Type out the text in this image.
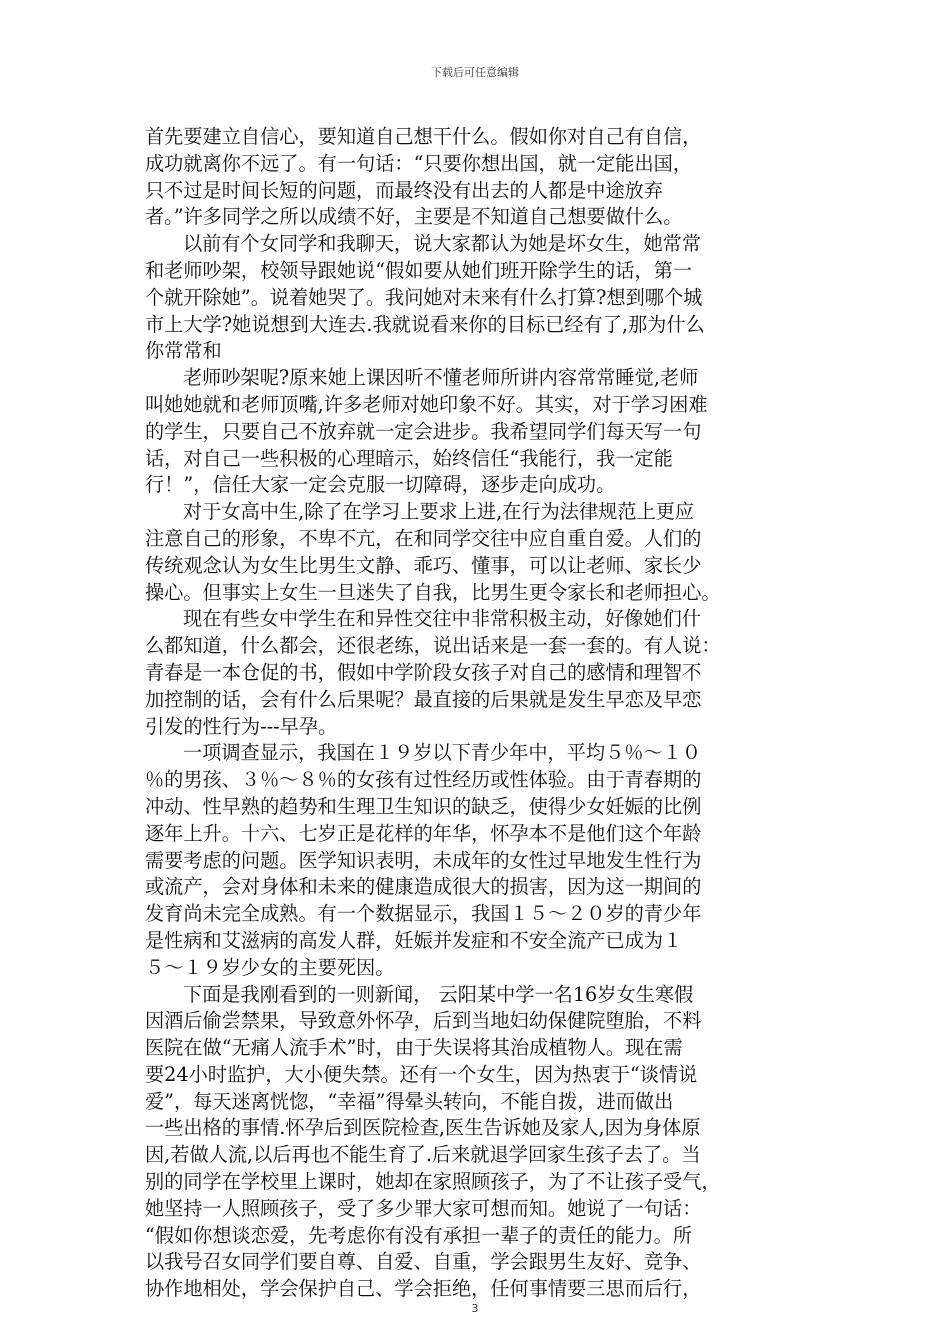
下载后可任意编辑
首先要建立自信心，要知道自己想干什么。假如你对自己有自信，
成功就离你不远了。有一句话：“只要你想出国，就一定能出国，
只不过是时间长短的问题，而最终没有出去的人都是中途放弃
者。”许多同学之所以成绩不好，主要是不知道自己想要做什么。
以前有个女同学和我聊天，说大家都认为她是坏女生，她常常
和老师吵架，校领导跟她说“假如要从她们班开除学生的话，第一
个就开除她”。说着她哭了。我问她对未来有什么打算?想到哪个城
市上大学?她说想到大连去.我就说看来你的目标已经有了,那为什么
你常常和
老师吵架呢?原来她上课因听不懂老师所讲内容常常睡觉,老师
叫她她就和老师顶嘴,许多老师对她印象不好。其实，对于学习困难
的学生，只要自己不放弃就一定会进步。我希望同学们每天写一句
话，对自己一些积极的心理暗示，始终信任“我能行，我一定能
行！”，信任大家一定会克服一切障碍，逐步走向成功。
对于女高中生,除了在学习上要求上进,在行为法律规范上更应
注意自己的形象，不卑不亢，在和同学交往中应自重自爱。人们的
传统观念认为女生比男生文静、乖巧、懂事，可以让老师、家长少
操心。但事实上女生一旦迷失了自我，比男生更令家长和老师担心。
现在有些女中学生在和异性交往中非常积极主动，好像她们什
么都知道，什么都会，还很老练，说出话来是一套一套的。有人说：
青春是一本仓促的书，假如中学阶段女孩子对自己的感情和理智不
加控制的话，会有什么后果呢？最直接的后果就是发生早恋及早恋
引发的性行为---早孕。
一项调查显示，我国在１９岁以下青少年中，平均５％～１０
％的男孩、３％～８％的女孩有过性经历或性体验。由于青春期的
冲动、性早熟的趋势和生理卫生知识的缺乏，使得少女妊娠的比例
逐年上升。十六、七岁正是花样的年华，怀孕本不是他们这个年龄
需要考虑的问题。医学知识表明，未成年的女性过早地发生性行为
或流产，会对身体和未来的健康造成很大的损害，因为这一期间的
发育尚未完全成熟。有一个数据显示，我国１５～２０岁的青少年
是性病和艾滋病的高发人群，妊娠并发症和不安全流产已成为１
５～１９岁少女的主要死因。
下面是我刚看到的一则新闻， 云阳某中学一名16岁女生寒假
因酒后偷尝禁果，导致意外怀孕，后到当地妇幼保健院堕胎，不料
医院在做“无痛人流手术”时，由于失误将其治成植物人。现在需
要24小时监护，大小便失禁。还有一个女生，因为热衷于“谈情说
爱”，每天迷离恍惚，“幸福”得晕头转向，不能自拨，进而做出
一些出格的事情.怀孕后到医院检查,医生告诉她及家人,因为身体原
因,若做人流,以后再也不能生育了.后来就退学回家生孩子去了。当
别的同学在学校里上课时，她却在家照顾孩子，为了不让孩子受气，
她坚持一人照顾孩子，受了多少罪大家可想而知。她说了一句话：
“假如你想谈恋爱，先考虑你有没有承担一辈子的责任的能力。所
以我号召女同学们要自尊、自爱、自重，学会跟男生友好、竞争、
协作地相处，学会保护自己、学会拒绝，任何事情要三思而后行，
3
